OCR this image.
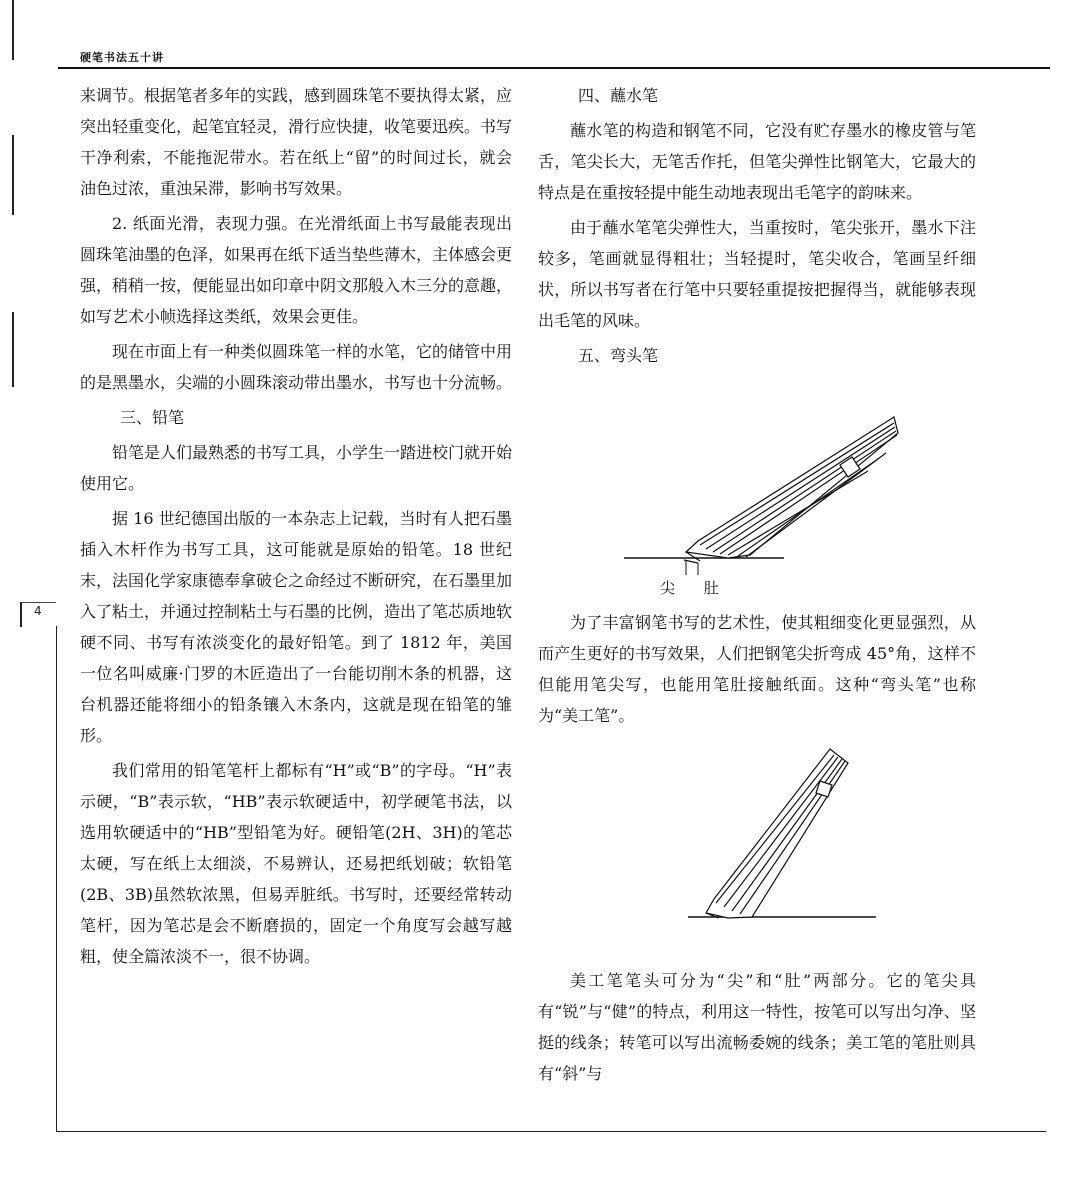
硬笔书法五十讲
4

来调节。根据笔者多年的实践，感到圆珠笔不要执得太紧，应突出轻重变化，起笔宜轻灵，滑行应快捷，收笔要迅疾。书写干净利索，不能拖泥带水。若在纸上“留”的时间过长，就会油色过浓，重浊呆滞，影响书写效果。

2. 纸面光滑，表现力强。在光滑纸面上书写最能表现出圆珠笔油墨的色泽，如果再在纸下适当垫些薄木，主体感会更强，稍稍一按，便能显出如印章中阴文那般入木三分的意趣，如写艺术小帧选择这类纸，效果会更佳。

现在市面上有一种类似圆珠笔一样的水笔，它的储管中用的是黑墨水，尖端的小圆珠滚动带出墨水，书写也十分流畅。

三、铅笔

铅笔是人们最熟悉的书写工具，小学生一踏进校门就开始使用它。

据 16 世纪德国出版的一本杂志上记载，当时有人把石墨插入木杆作为书写工具，这可能就是原始的铅笔。18 世纪末，法国化学家康德奉拿破仑之命经过不断研究，在石墨里加入了粘土，并通过控制粘土与石墨的比例，造出了笔芯质地软硬不同、书写有浓淡变化的最好铅笔。到了 1812 年，美国一位名叫威廉·门罗的木匠造出了一台能切削木条的机器，这台机器还能将细小的铅条镶入木条内，这就是现在铅笔的雏形。

我们常用的铅笔笔杆上都标有“H”或“B”的字母。“H”表示硬，“B”表示软，“HB”表示软硬适中，初学硬笔书法，以选用软硬适中的“HB”型铅笔为好。硬铅笔(2H、3H)的笔芯太硬，写在纸上太细淡，不易辨认，还易把纸划破；软铅笔(2B、3B)虽然软浓黑，但易弄脏纸。书写时，还要经常转动笔杆，因为笔芯是会不断磨损的，固定一个角度写会越写越粗，使全篇浓淡不一，很不协调。

四、蘸水笔

蘸水笔的构造和钢笔不同，它没有贮存墨水的橡皮管与笔舌，笔尖长大，无笔舌作托，但笔尖弹性比钢笔大，它最大的特点是在重按轻提中能生动地表现出毛笔字的韵味来。

由于蘸水笔笔尖弹性大，当重按时，笔尖张开，墨水下注较多，笔画就显得粗壮；当轻提时，笔尖收合，笔画呈纤细状，所以书写者在行笔中只要轻重提按把握得当，就能够表现出毛笔的风味。

五、弯头笔
尖 肚

为了丰富钢笔书写的艺术性，使其粗细变化更显强烈，从而产生更好的书写效果，人们把钢笔尖折弯成 45°角，这样不但能用笔尖写，也能用笔肚接触纸面。这种“弯头笔”也称为“美工笔”。

美工笔笔头可分为“尖”和“肚”两部分。它的笔尖具有“锐”与“健”的特点，利用这一特性，按笔可以写出匀净、坚挺的线条；转笔可以写出流畅委婉的线条；美工笔的笔肚则具有“斜”与
